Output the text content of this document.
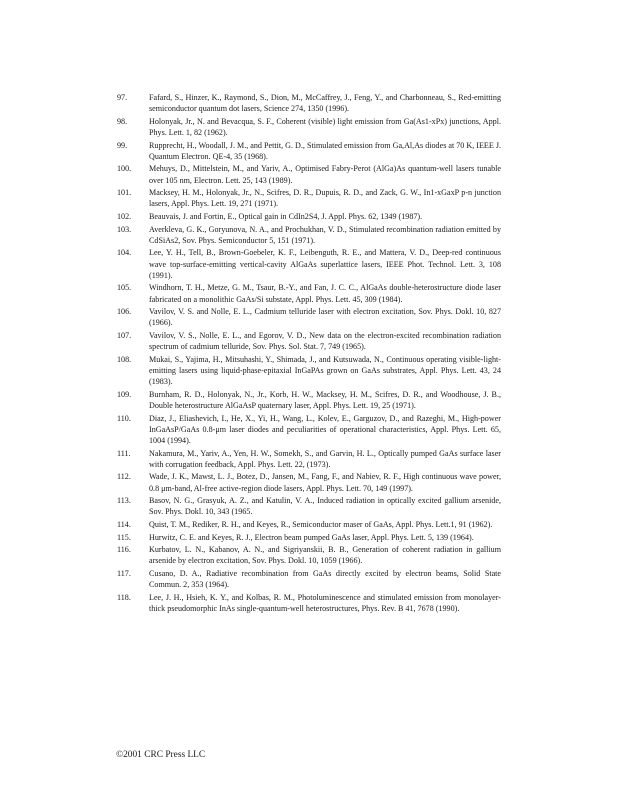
97.	Fafard, S., Hinzer, K., Raymond, S., Dion, M., McCaffrey, J., Feng, Y., and Charbonneau, S., Red-emitting semiconductor quantum dot lasers, Science 274, 1350 (1996).
98.	Holonyak, Jr., N. and Bevacqua, S. F., Coherent (visible) light emission from Ga(As1-xPx) junctions, Appl. Phys. Lett. 1, 82 (1962).
99.	Rupprecht, H., Woodall, J. M., and Pettit, G. D., Stimulated emission from Ga,Al,As diodes at 70 K, IEEE J. Quantum Electron. QE-4, 35 (1968).
100.	Mehuys, D., Mittelstein, M., and Yariv, A., Optimised Fabry-Perot (AlGa)As quantum-well lasers tunable over 105 nm, Electron. Lett. 25, 143 (1989).
101.	Macksey, H. M., Holonyak, Jr., N., Scifres, D. R., Dupuis, R. D., and Zack, G. W., In1-xGaxP p-n junction lasers, Appl. Phys. Lett. 19, 271 (1971).
102.	Beauvais, J. and Fortin, E., Optical gain in CdIn2S4, J. Appl. Phys. 62, 1349 (1987).
103.	Averkleva, G. K., Goryunova, N. A., and Prochukhan, V. D., Stimulated recombination radiation emitted by CdSiAs2, Sov. Phys. Semiconductor 5, 151 (1971).
104.	Lee, Y. H., Tell, B., Brown-Goebeler, K. F., Leibenguth, R. E., and Mattera, V. D., Deep-red continuous wave top-surface-emitting vertical-cavity AlGaAs superlattice lasers, IEEE Phot. Technol. Lett. 3, 108 (1991).
105.	Windhorn, T. H., Metze, G. M., Tsaur, B.-Y., and Fan, J. C. C., AlGaAs double-heterostructure diode laser fabricated on a monolithic GaAs/Si substate, Appl. Phys. Lett. 45, 309 (1984).
106.	Vavilov, V. S. and Nolle, E. L., Cadmium telluride laser with electron excitation, Sov. Phys. Dokl. 10, 827 (1966).
107.	Vavilov, V. S., Nolle, E. L., and Egorov, V. D., New data on the electron-excited recombination radiation spectrum of cadmium telluride, Sov. Phys. Sol. Stat. 7, 749 (1965).
108.	Mukai, S., Yajima, H., Mitsuhashi, Y., Shimada, J., and Kutsuwada, N., Continuous operating visible-light-emitting lasers using liquid-phase-epitaxial InGaPAs grown on GaAs substrates, Appl. Phys. Lett. 43, 24 (1983).
109.	Burnham, R. D., Holonyak, N., Jr., Korb, H. W., Macksey, H. M., Scifres, D. R., and Woodhouse, J. B., Double heterostructure AlGaAsP quaternary laser, Appl. Phys. Lett. 19, 25 (1971).
110.	Diaz, J., Eliashevich, I., He, X., Yi, H., Wang, L., Kolev, E., Garguzov, D., and Razeghi, M., High-power InGaAsP/GaAs 0.8-μm laser diodes and peculiarities of operational characteristics, Appl. Phys. Lett. 65, 1004 (1994).
111.	Nakamura, M., Yariv, A., Yen, H. W., Somekh, S., and Garvin, H. L., Optically pumped GaAs surface laser with corrugation feedback, Appl. Phys. Lett. 22, (1973).
112.	Wade, J. K., Mawst, L. J., Botez, D., Jansen, M., Fang, F., and Nabiev, R. F., High continuous wave power, 0.8 μm-band, Al-free active-region diode lasers, Appl. Phys. Lett. 70, 149 (1997).
113.	Basov, N. G., Grasyuk, A. Z., and Katulin, V. A., Induced radiation in optically excited gallium arsenide, Sov. Phys. Dokl. 10, 343 (1965.
114.	Quist, T. M., Rediker, R. H., and Keyes, R., Semiconductor maser of GaAs, Appl. Phys. Lett.1, 91 (1962).
115.	Hurwitz, C. E. and Keyes, R. J., Electron beam pumped GaAs laser, Appl. Phys. Lett. 5, 139 (1964).
116.	Kurbatov, L. N., Kabanov, A. N., and Sigriyanskii, B. B., Generation of coherent radiation in gallium arsenide by electron excitation, Sov. Phys. Dokl. 10, 1059 (1966).
117.	Cusano, D. A., Radiative recombination from GaAs directly excited by electron beams, Solid State Commun. 2, 353 (1964).
118.	Lee, J. H., Hsieh, K. Y., and Kolbas, R. M., Photoluminescence and stimulated emission from monolayer-thick pseudomorphic InAs single-quantum-well heterostructures, Phys. Rev. B 41, 7678 (1990).
©2001 CRC Press LLC
